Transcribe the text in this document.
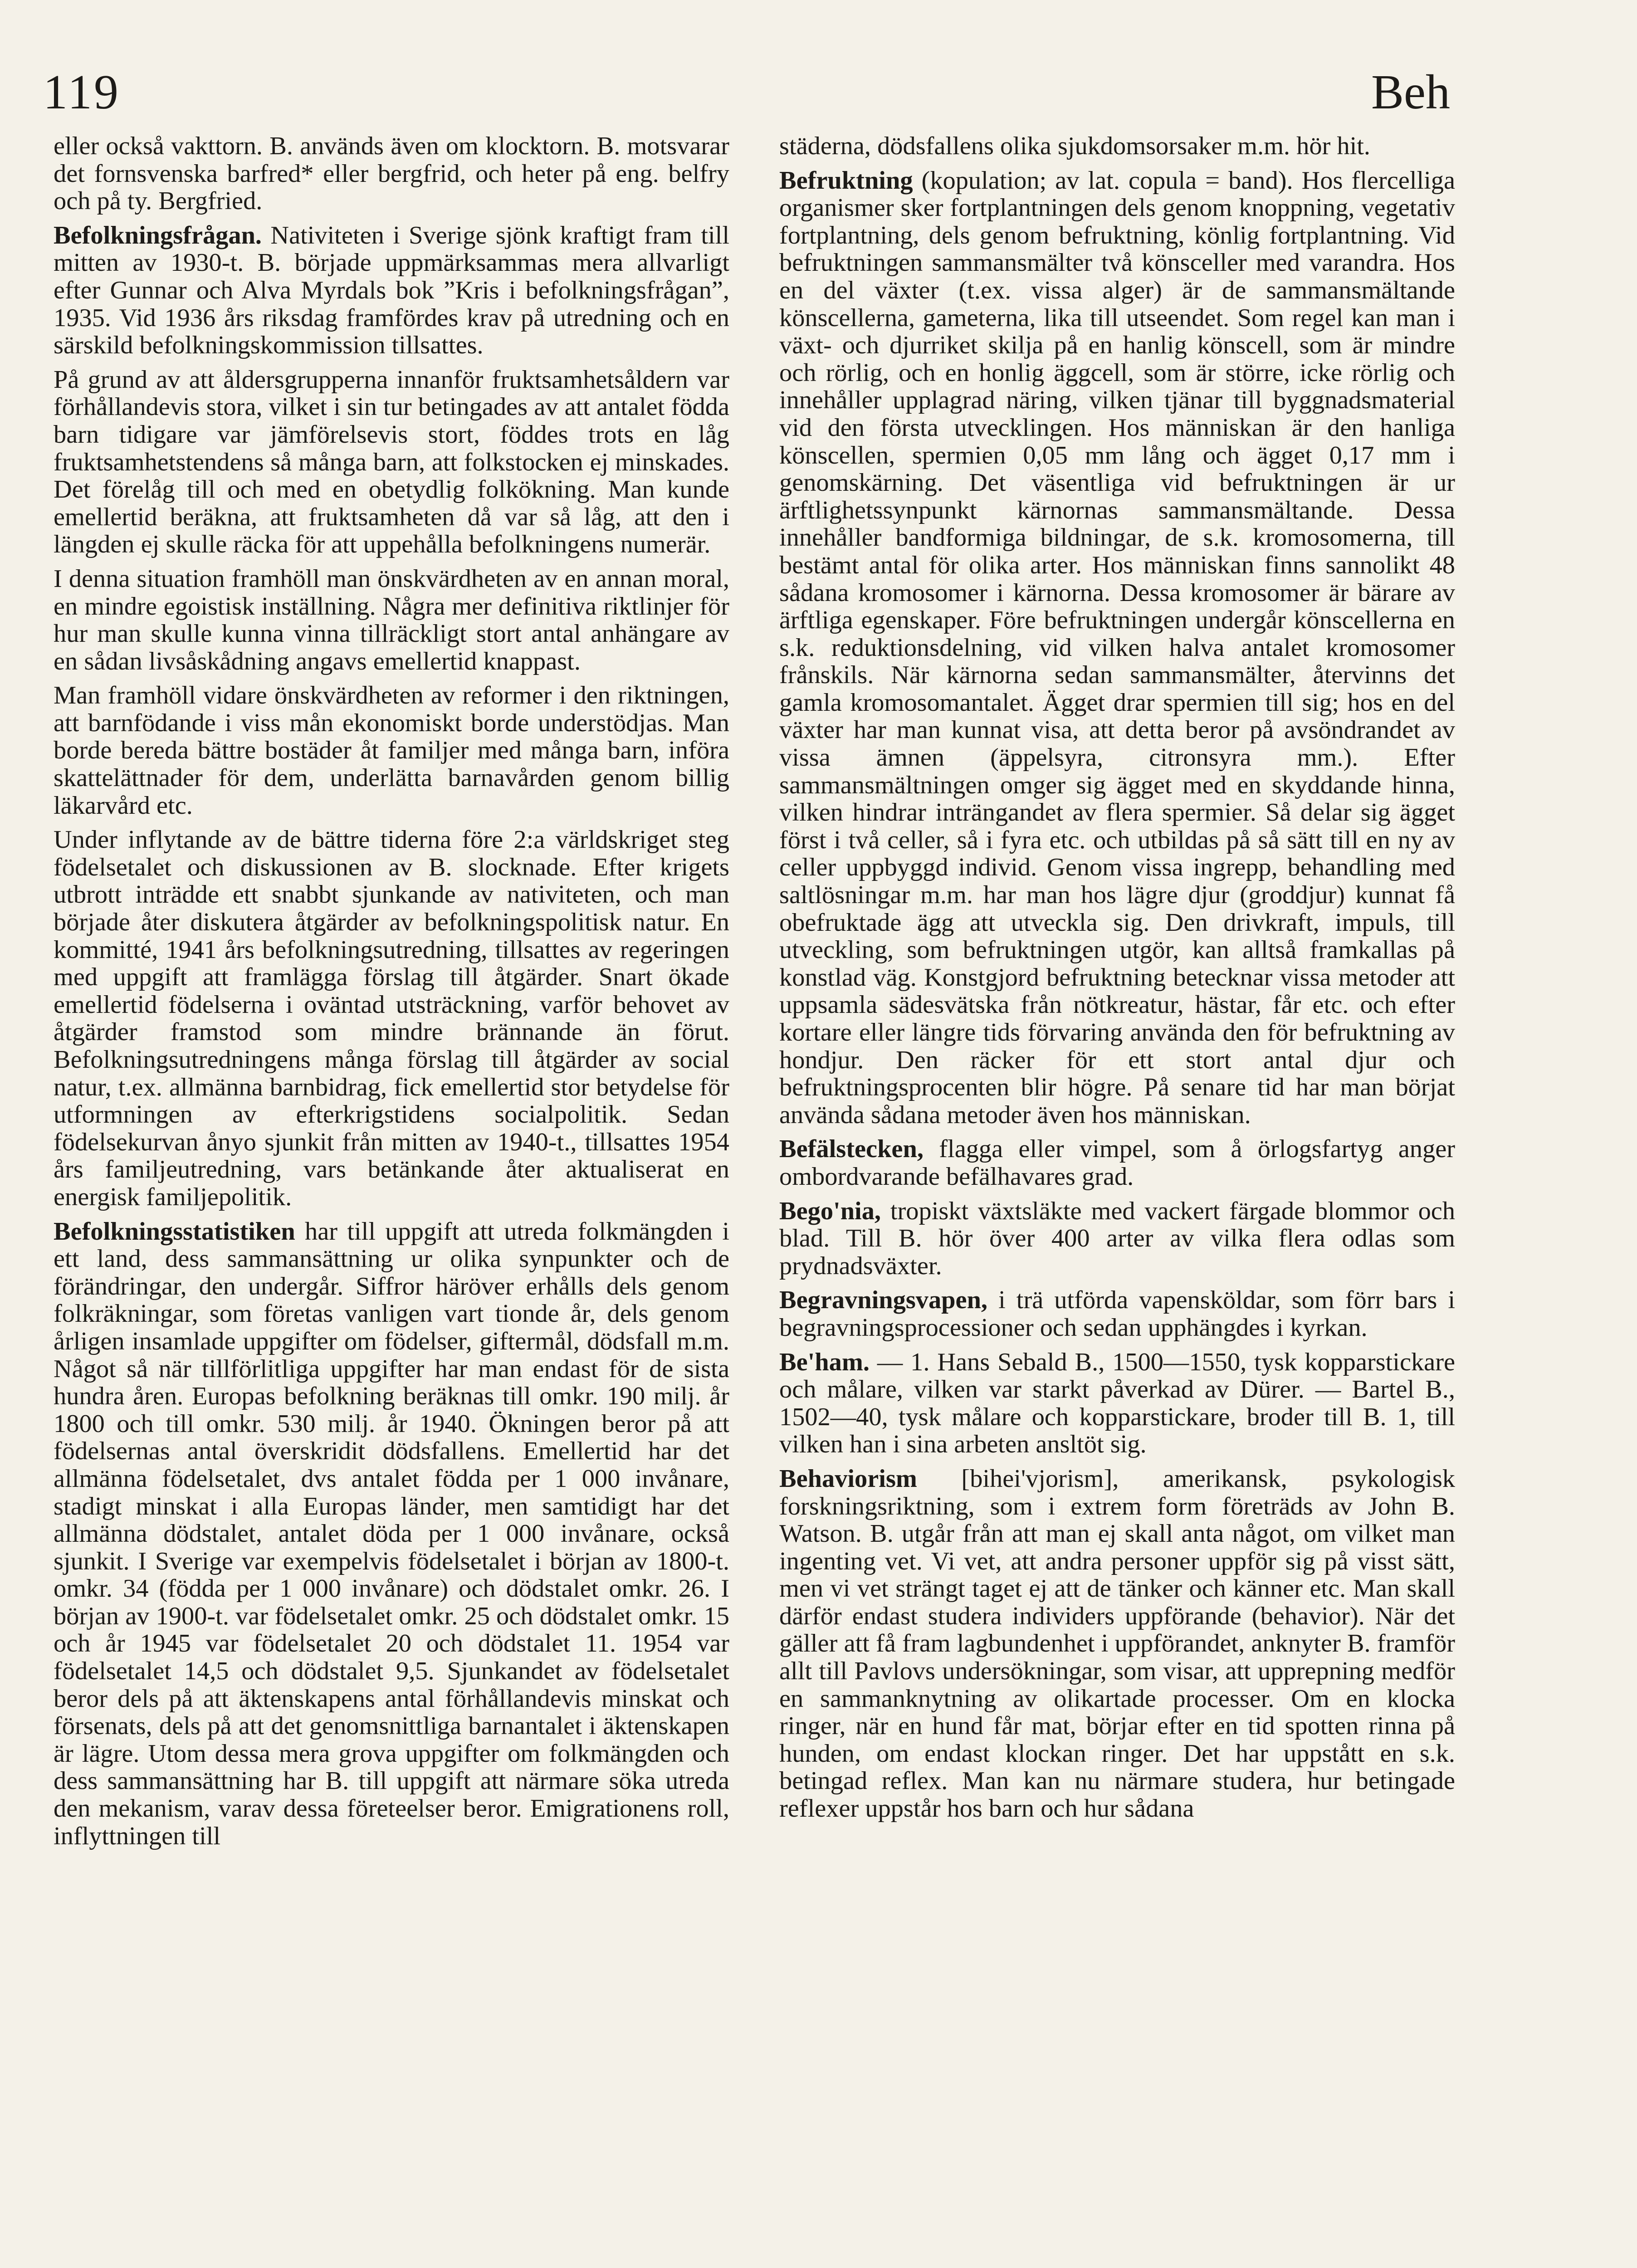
119	Beh

eller också vakttorn. B. används även om klocktorn. B. motsvarar det fornsvenska barfred* eller bergfrid, och heter på eng. belfry och på ty. Bergfried.

Befolkningsfrågan. Nativiteten i Sverige sjönk kraftigt fram till mitten av 1930-t. B. började uppmärksammas mera allvarligt efter Gunnar och Alva Myrdals bok ”Kris i befolkningsfrågan”, 1935. Vid 1936 års riksdag framfördes krav på utredning och en särskild befolkningskommission tillsattes.

På grund av att åldersgrupperna innanför fruktsamhetsåldern var förhållandevis stora, vilket i sin tur betingades av att antalet födda barn tidigare var jämförelsevis stort, föddes trots en låg fruktsamhetstendens så många barn, att folkstocken ej minskades. Det förelåg till och med en obetydlig folkökning. Man kunde emellertid beräkna, att fruktsamheten då var så låg, att den i längden ej skulle räcka för att uppehålla befolkningens numerär.

I denna situation framhöll man önskvärdheten av en annan moral, en mindre egoistisk inställning. Några mer definitiva riktlinjer för hur man skulle kunna vinna tillräckligt stort antal anhängare av en sådan livsåskådning angavs emellertid knappast.

Man framhöll vidare önskvärdheten av reformer i den riktningen, att barnfödande i viss mån ekonomiskt borde understödjas. Man borde bereda bättre bostäder åt familjer med många barn, införa skattelättnader för dem, underlätta barnavården genom billig läkarvård etc.

Under inflytande av de bättre tiderna före 2:a världskriget steg födelsetalet och diskussionen av B. slocknade. Efter krigets utbrott inträdde ett snabbt sjunkande av nativiteten, och man började åter diskutera åtgärder av befolkningspolitisk natur. En kommitté, 1941 års befolkningsutredning, tillsattes av regeringen med uppgift att framlägga förslag till åtgärder. Snart ökade emellertid födelserna i oväntad utsträckning, varför behovet av åtgärder framstod som mindre brännande än förut. Befolkningsutredningens många förslag till åtgärder av social natur, t.ex. allmänna barnbidrag, fick emellertid stor betydelse för utformningen av efterkrigstidens socialpolitik. Sedan födelsekurvan ånyo sjunkit från mitten av 1940-t., tillsattes 1954 års familjeutredning, vars betänkande åter aktualiserat en energisk familjepolitik.

Befolkningsstatistiken har till uppgift att utreda folkmängden i ett land, dess sammansättning ur olika synpunkter och de förändringar, den undergår. Siffror häröver erhålls dels genom folkräkningar, som företas vanligen vart tionde år, dels genom årligen insamlade uppgifter om födelser, giftermål, dödsfall m.m. Något så när tillförlitliga uppgifter har man endast för de sista hundra åren. Europas befolkning beräknas till omkr. 190 milj. år 1800 och till omkr. 530 milj. år 1940. Ökningen beror på att födelsernas antal överskridit dödsfallens. Emellertid har det allmänna födelsetalet, dvs antalet födda per 1 000 invånare, stadigt minskat i alla Europas länder, men samtidigt har det allmänna dödstalet, antalet döda per 1 000 invånare, också sjunkit. I Sverige var exempelvis födelsetalet i början av 1800-t. omkr. 34 (födda per 1 000 invånare) och dödstalet omkr. 26. I början av 1900-t. var födelsetalet omkr. 25 och dödstalet omkr. 15 och år 1945 var födelsetalet 20 och dödstalet 11. 1954 var födelsetalet 14,5 och dödstalet 9,5. Sjunkandet av födelsetalet beror dels på att äktenskapens antal förhållandevis minskat och försenats, dels på att det genomsnittliga barnantalet i äktenskapen är lägre. Utom dessa mera grova uppgifter om folkmängden och dess sammansättning har B. till uppgift att närmare söka utreda den mekanism, varav dessa företeelser beror. Emigrationens roll, inflyttningen till

städerna, dödsfallens olika sjukdomsorsaker m.m. hör hit.

Befruktning (kopulation; av lat. copula = band). Hos flercelliga organismer sker fortplantningen dels genom knoppning, vegetativ fortplantning, dels genom befruktning, könlig fortplantning. Vid befruktningen sammansmälter två könsceller med varandra. Hos en del växter (t.ex. vissa alger) är de sammansmältande könscellerna, gameterna, lika till utseendet. Som regel kan man i växt- och djurriket skilja på en hanlig könscell, som är mindre och rörlig, och en honlig äggcell, som är större, icke rörlig och innehåller upplagrad näring, vilken tjänar till byggnadsmaterial vid den första utvecklingen. Hos människan är den hanliga könscellen, spermien 0,05 mm lång och ägget 0,17 mm i genomskärning. Det väsentliga vid befruktningen är ur ärftlighetssynpunkt kärnornas sammansmältande. Dessa innehåller bandformiga bildningar, de s.k. kromosomerna, till bestämt antal för olika arter. Hos människan finns sannolikt 48 sådana kromosomer i kärnorna. Dessa kromosomer är bärare av ärftliga egenskaper. Före befruktningen undergår könscellerna en s.k. reduktionsdelning, vid vilken halva antalet kromosomer frånskils. När kärnorna sedan sammansmälter, återvinns det gamla kromosomantalet. Ägget drar spermien till sig; hos en del växter har man kunnat visa, att detta beror på avsöndrandet av vissa ämnen (äppelsyra, citronsyra mm.). Efter sammansmältningen omger sig ägget med en skyddande hinna, vilken hindrar inträngandet av flera spermier. Så delar sig ägget först i två celler, så i fyra etc. och utbildas på så sätt till en ny av celler uppbyggd individ. Genom vissa ingrepp, behandling med saltlösningar m.m. har man hos lägre djur (groddjur) kunnat få obefruktade ägg att utveckla sig. Den drivkraft, impuls, till utveckling, som befruktningen utgör, kan alltså framkallas på konstlad väg. Konstgjord befruktning betecknar vissa metoder att uppsamla sädesvätska från nötkreatur, hästar, får etc. och efter kortare eller längre tids förvaring använda den för befruktning av hondjur. Den räcker för ett stort antal djur och befruktningsprocenten blir högre. På senare tid har man börjat använda sådana metoder även hos människan.

Befälstecken, flagga eller vimpel, som å örlogsfartyg anger ombordvarande befälhavares grad.

Bego'nia, tropiskt växtsläkte med vackert färgade blommor och blad. Till B. hör över 400 arter av vilka flera odlas som prydnadsväxter.

Begravningsvapen, i trä utförda vapensköldar, som förr bars i begravningsprocessioner och sedan upphängdes i kyrkan.

Be'ham. — 1. Hans Sebald B., 1500—1550, tysk kopparstickare och målare, vilken var starkt påverkad av Dürer. — Bartel B., 1502—40, tysk målare och kopparstickare, broder till B. 1, till vilken han i sina arbeten ansltöt sig.

Behaviorism [bihei'vjorism], amerikansk, psykologisk forskningsriktning, som i extrem form företräds av John B. Watson. B. utgår från att man ej skall anta något, om vilket man ingenting vet. Vi vet, att andra personer uppför sig på visst sätt, men vi vet strängt taget ej att de tänker och känner etc. Man skall därför endast studera individers uppförande (behavior). När det gäller att få fram lagbundenhet i uppförandet, anknyter B. framför allt till Pavlovs undersökningar, som visar, att upprepning medför en sammanknytning av olikartade processer. Om en klocka ringer, när en hund får mat, börjar efter en tid spotten rinna på hunden, om endast klockan ringer. Det har uppstått en s.k. betingad reflex. Man kan nu närmare studera, hur betingade reflexer uppstår hos barn och hur sådana
